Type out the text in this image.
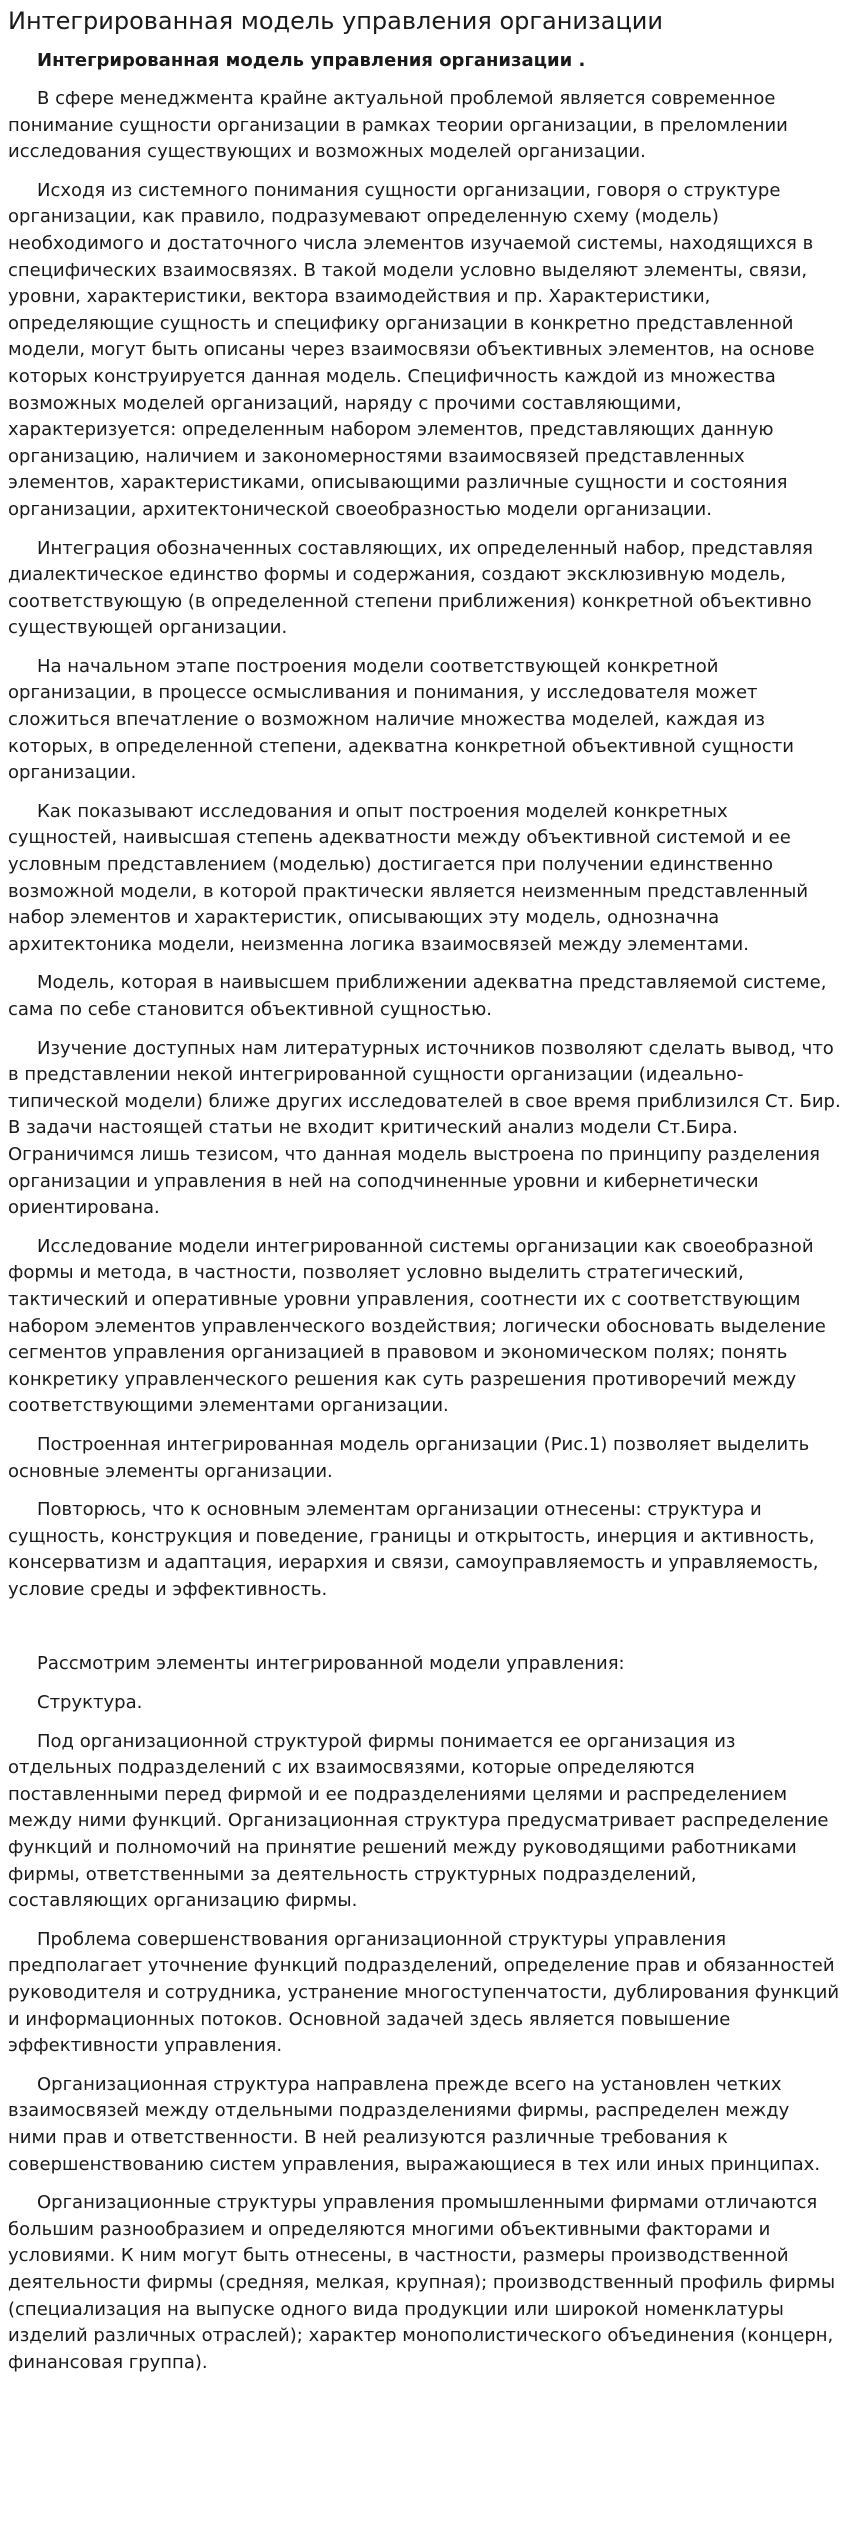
Интегрированная модель управления организации
Интегрированная модель управления организации .

В сфере менеджмента крайне актуальной проблемой является современное понимание сущности организации в рамках теории организации, в преломлении исследования существующих и возможных моделей организации.

Исходя из системного понимания сущности организации, говоря о структуре организации, как правило, подразумевают определенную схему (модель) необходимого и достаточного числа элементов изучаемой системы, находящихся в специфических взаимосвязях. В такой модели условно выделяют элементы, связи, уровни, характеристики, вектора взаимодействия и пр. Характеристики, определяющие сущность и специфику организации в конкретно представленной модели, могут быть описаны через взаимосвязи объективных элементов, на основе которых конструируется данная модель. Специфичность каждой из множества возможных моделей организаций, наряду с прочими составляющими, характеризуется: определенным набором элементов, представляющих данную организацию, наличием и закономерностями взаимосвязей представленных элементов, характеристиками, описывающими различные сущности и состояния организации, архитектонической своеобразностью модели организации.

Интеграция обозначенных составляющих, их определенный набор, представляя диалектическое единство формы и содержания, создают эксклюзивную модель, соответствующую (в определенной степени приближения) конкретной объективно существующей организации.

На начальном этапе построения модели соответствующей конкретной организации, в процессе осмысливания и понимания, у исследователя может сложиться впечатление о возможном наличие множества моделей, каждая из которых, в определенной степени, адекватна конкретной объективной сущности организации.

Как показывают исследования и опыт построения моделей конкретных сущностей, наивысшая степень адекватности между объективной системой и ее условным представлением (моделью) достигается при получении единственно возможной модели, в которой практически является неизменным представленный набор элементов и характеристик, описывающих эту модель, однозначна архитектоника модели, неизменна логика взаимосвязей между элементами.

Модель, которая в наивысшем приближении адекватна представляемой системе, сама по себе становится объективной сущностью.

Изучение доступных нам литературных источников позволяют сделать вывод, что в представлении некой интегрированной сущности организации (идеально-типической модели) ближе других исследователей в свое время приблизился Ст. Бир. В задачи настоящей статьи не входит критический анализ модели Ст.Бира. Ограничимся лишь тезисом, что данная модель выстроена по принципу разделения организации и управления в ней на соподчиненные уровни и кибернетически ориентирована.

Исследование модели интегрированной системы организации как своеобразной формы и метода, в частности, позволяет условно выделить стратегический, тактический и оперативные уровни управления, соотнести их с соответствующим набором элементов управленческого воздействия; логически обосновать выделение сегментов управления организацией в правовом и экономическом полях; понять конкретику управленческого решения как суть разрешения противоречий между соответствующими элементами организации.

Построенная интегрированная модель организации (Рис.1) позволяет выделить основные элементы организации.

Повторюсь, что к основным элементам организации отнесены: структура и сущность, конструкция и поведение, границы и открытость, инерция и активность, консерватизм и адаптация, иерархия и связи, самоуправляемость и управляемость, условие среды и эффективность.

Рассмотрим элементы интегрированной модели управления:

Структура.

Под организационной структурой фирмы понимается ее организация из отдельных подразделений с их взаимосвязями, которые определяются поставленными перед фирмой и ее подразделениями целями и распределением между ними функций. Организационная структура предусматривает распределение функций и полномочий на принятие решений между руководящими работниками фирмы, ответственными за деятельность структурных подразделений, составляющих организацию фирмы.

Проблема совершенствования организационной структуры управления предполагает уточнение функций подразделений, определение прав и обязанностей руководителя и сотрудника, устранение многоступенчатости, дублирования функций и информационных потоков. Основной задачей здесь является повышение эффективности управления.

Организационная структура направлена прежде всего на установлен четких взаимосвязей между отдельными подразделениями фирмы, распределен между ними прав и ответственности. В ней реализуются различные требования к совершенствованию систем управления, выражающиеся в тех или иных принципах.

Организационные структуры управления промышленными фирмами отличаются большим разнообразием и определяются многими объективными факторами и условиями. К ним могут быть отнесены, в частности, размеры производственной деятельности фирмы (средняя, мелкая, крупная); производственный профиль фирмы (специализация на выпуске одного вида продукции или широкой номенклатуры изделий различных отраслей); характер монополистического объединения (концерн, финансовая группа).
